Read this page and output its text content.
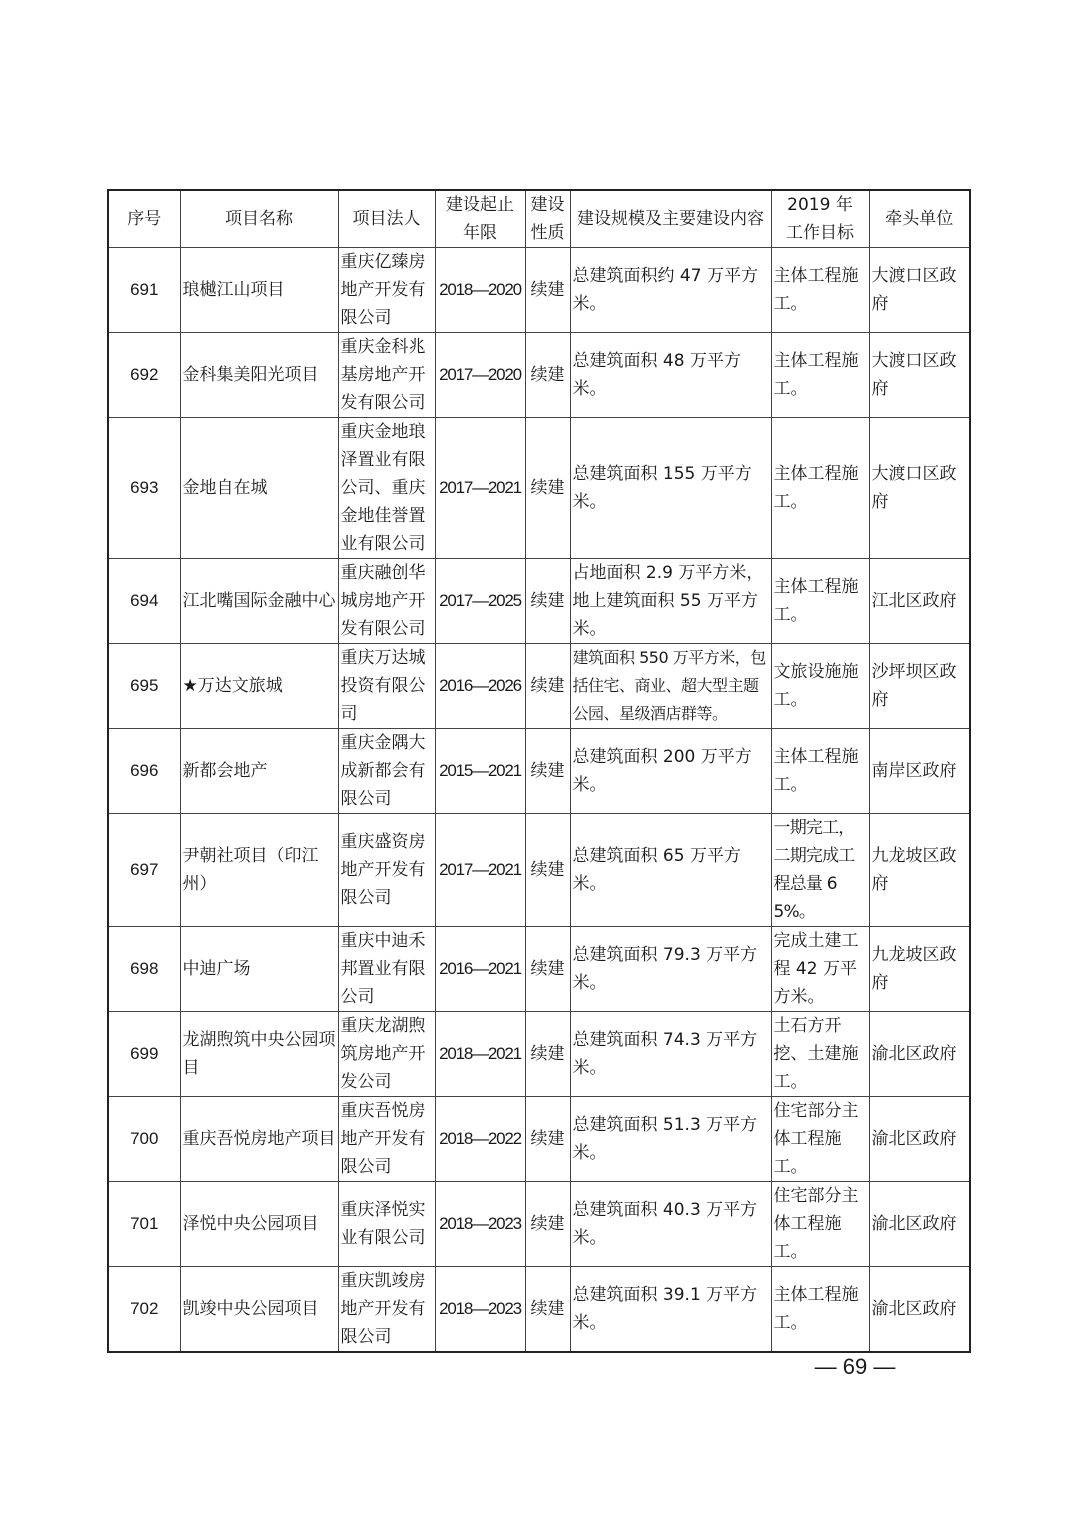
序号	项目名称	项目法人	建设起止年限	建设性质	建设规模及主要建设内容	2019 年工作目标	牵头单位
691	琅樾江山项目	重庆亿臻房地产开发有限公司	2018—2020	续建	总建筑面积约 47 万平方米。	主体工程施工。	大渡口区政府
692	金科集美阳光项目	重庆金科兆基房地产开发有限公司	2017—2020	续建	总建筑面积 48 万平方米。	主体工程施工。	大渡口区政府
693	金地自在城	重庆金地琅泽置业有限公司、重庆金地佳誉置业有限公司	2017—2021	续建	总建筑面积 155 万平方米。	主体工程施工。	大渡口区政府
694	江北嘴国际金融中心	重庆融创华城房地产开发有限公司	2017—2025	续建	占地面积 2.9 万平方米，地上建筑面积 55 万平方米。	主体工程施工。	江北区政府
695	★万达文旅城	重庆万达城投资有限公司	2016—2026	续建	建筑面积 550 万平方米，包括住宅、商业、超大型主题公园、星级酒店群等。	文旅设施施工。	沙坪坝区政府
696	新都会地产	重庆金隅大成新都会有限公司	2015—2021	续建	总建筑面积 200 万平方米。	主体工程施工。	南岸区政府
697	尹朝社项目（印江州）	重庆盛资房地产开发有限公司	2017—2021	续建	总建筑面积 65 万平方米。	一期完工，二期完成工程总量 65%。	九龙坡区政府
698	中迪广场	重庆中迪禾邦置业有限公司	2016—2021	续建	总建筑面积 79.3 万平方米。	完成土建工程 42 万平方米。	九龙坡区政府
699	龙湖煦筑中央公园项目	重庆龙湖煦筑房地产开发公司	2018—2021	续建	总建筑面积 74.3 万平方米。	土石方开挖、土建施工。	渝北区政府
700	重庆吾悦房地产项目	重庆吾悦房地产开发有限公司	2018—2022	续建	总建筑面积 51.3 万平方米。	住宅部分主体工程施工。	渝北区政府
701	泽悦中央公园项目	重庆泽悦实业有限公司	2018—2023	续建	总建筑面积 40.3 万平方米。	住宅部分主体工程施工。	渝北区政府
702	凯竣中央公园项目	重庆凯竣房地产开发有限公司	2018—2023	续建	总建筑面积 39.1 万平方米。	主体工程施工。	渝北区政府
— 69 —
